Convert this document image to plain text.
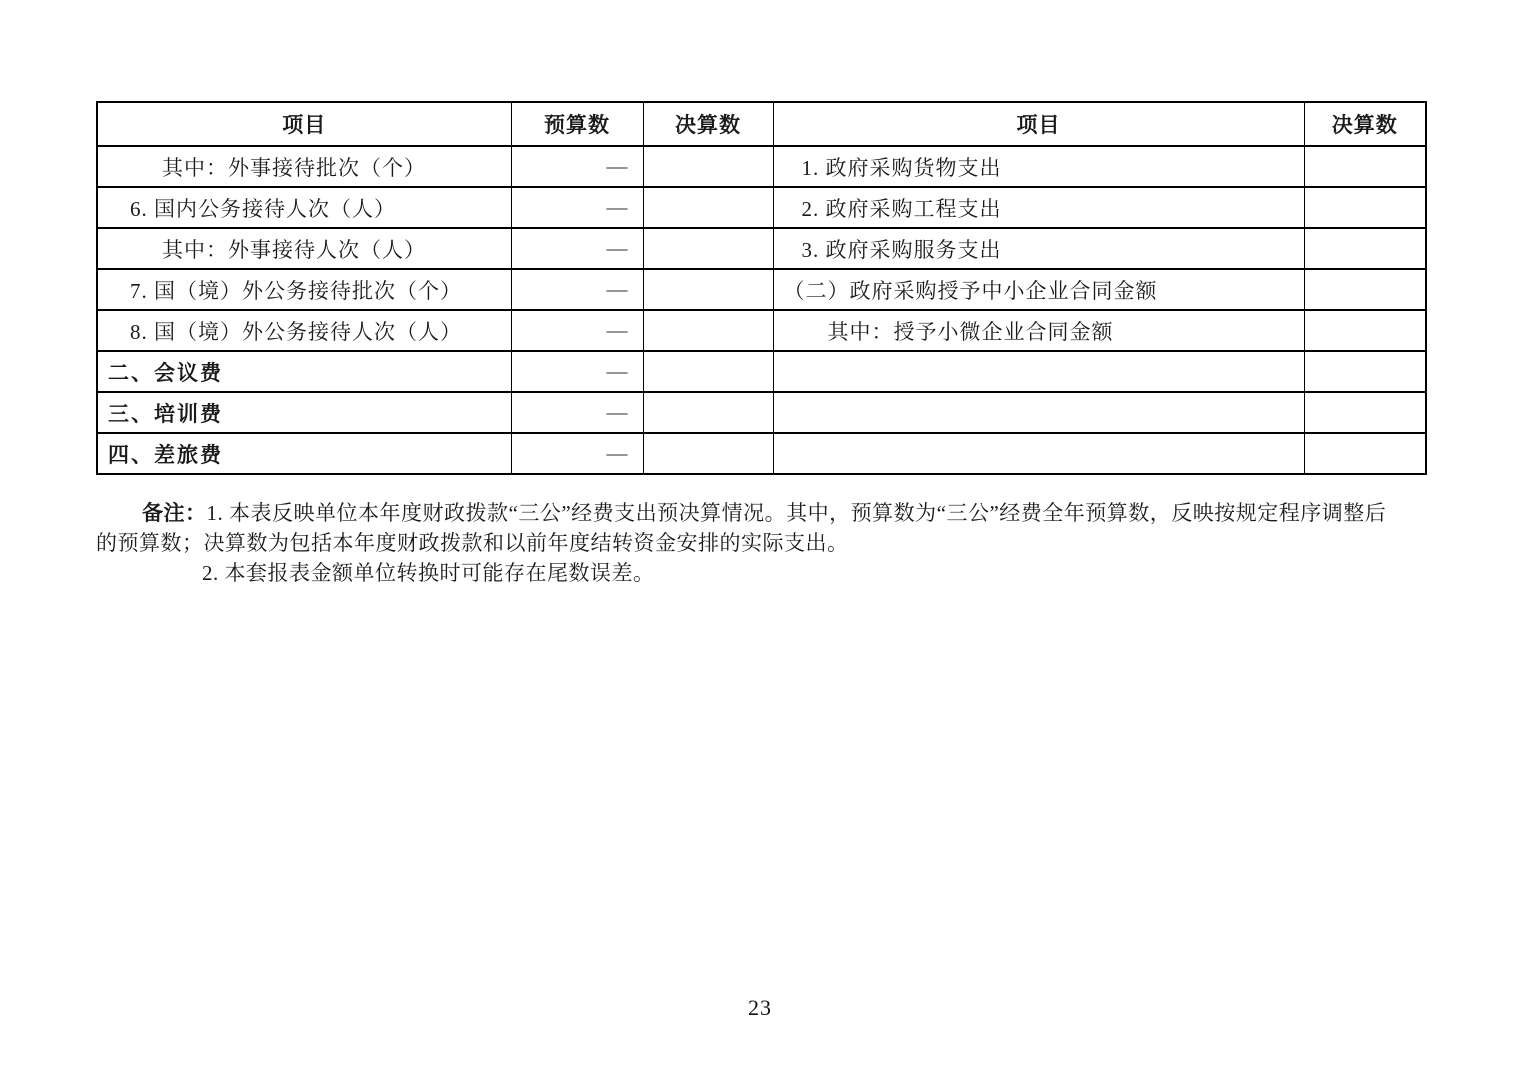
项目	预算数	决算数	项目	决算数
其中：外事接待批次（个）	—		1. 政府采购货物支出	
6. 国内公务接待人次（人）	—		2. 政府采购工程支出	
其中：外事接待人次（人）	—		3. 政府采购服务支出	
7. 国（境）外公务接待批次（个）	—		（二）政府采购授予中小企业合同金额	
8. 国（境）外公务接待人次（人）	—		其中：授予小微企业合同金额	
二、会议费	—			
三、培训费	—			
四、差旅费	—			
备注：1. 本表反映单位本年度财政拨款“三公”经费支出预决算情况。其中，预算数为“三公”经费全年预算数，反映按规定程序调整后
的预算数；决算数为包括本年度财政拨款和以前年度结转资金安排的实际支出。
2. 本套报表金额单位转换时可能存在尾数误差。
23
